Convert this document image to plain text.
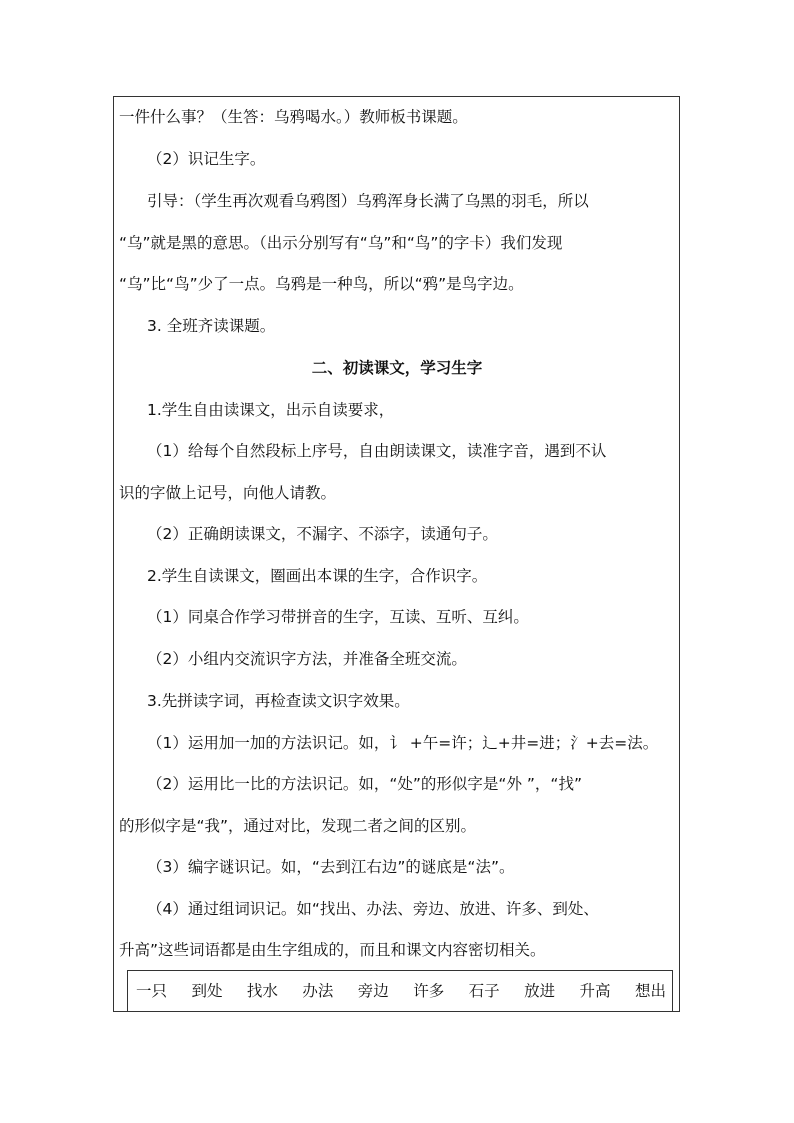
一件什么事？（生答：乌鸦喝水。）教师板书课题。
（2）识记生字。
引导：（学生再次观看乌鸦图）乌鸦浑身长满了乌黑的羽毛，所以
“乌”就是黑的意思。（出示分别写有“乌”和“鸟”的字卡）我们发现
“乌”比“鸟”少了一点。乌鸦是一种鸟，所以“鸦”是鸟字边。
3. 全班齐读课题。
二、初读课文，学习生字
1.学生自由读课文，出示自读要求，
（1）给每个自然段标上序号，自由朗读课文，读准字音，遇到不认
识的字做上记号，向他人请教。
（2）正确朗读课文，不漏字、不添字，读通句子。
2.学生自读课文，圈画出本课的生字，合作识字。
（1）同桌合作学习带拼音的生字，互读、互听、互纠。
（2）小组内交流识字方法，并准备全班交流。
3.先拼读字词，再检查读文识字效果。
（1）运用加一加的方法识记。如，讠 +午=许；辶+井=进；氵+去=法。
（2）运用比一比的方法识记。如，“处”的形似字是“外 ”，“找”
的形似字是“我”，通过对比，发现二者之间的区别。
（3）编字谜识记。如，“去到江右边”的谜底是“法”。
（4）通过组词识记。如“找出、办法、旁边、放进、许多、到处、
升高”这些词语都是由生字组成的，而且和课文内容密切相关。
一只 到处 找水 办法 旁边 许多 石子 放进 升高 想出
